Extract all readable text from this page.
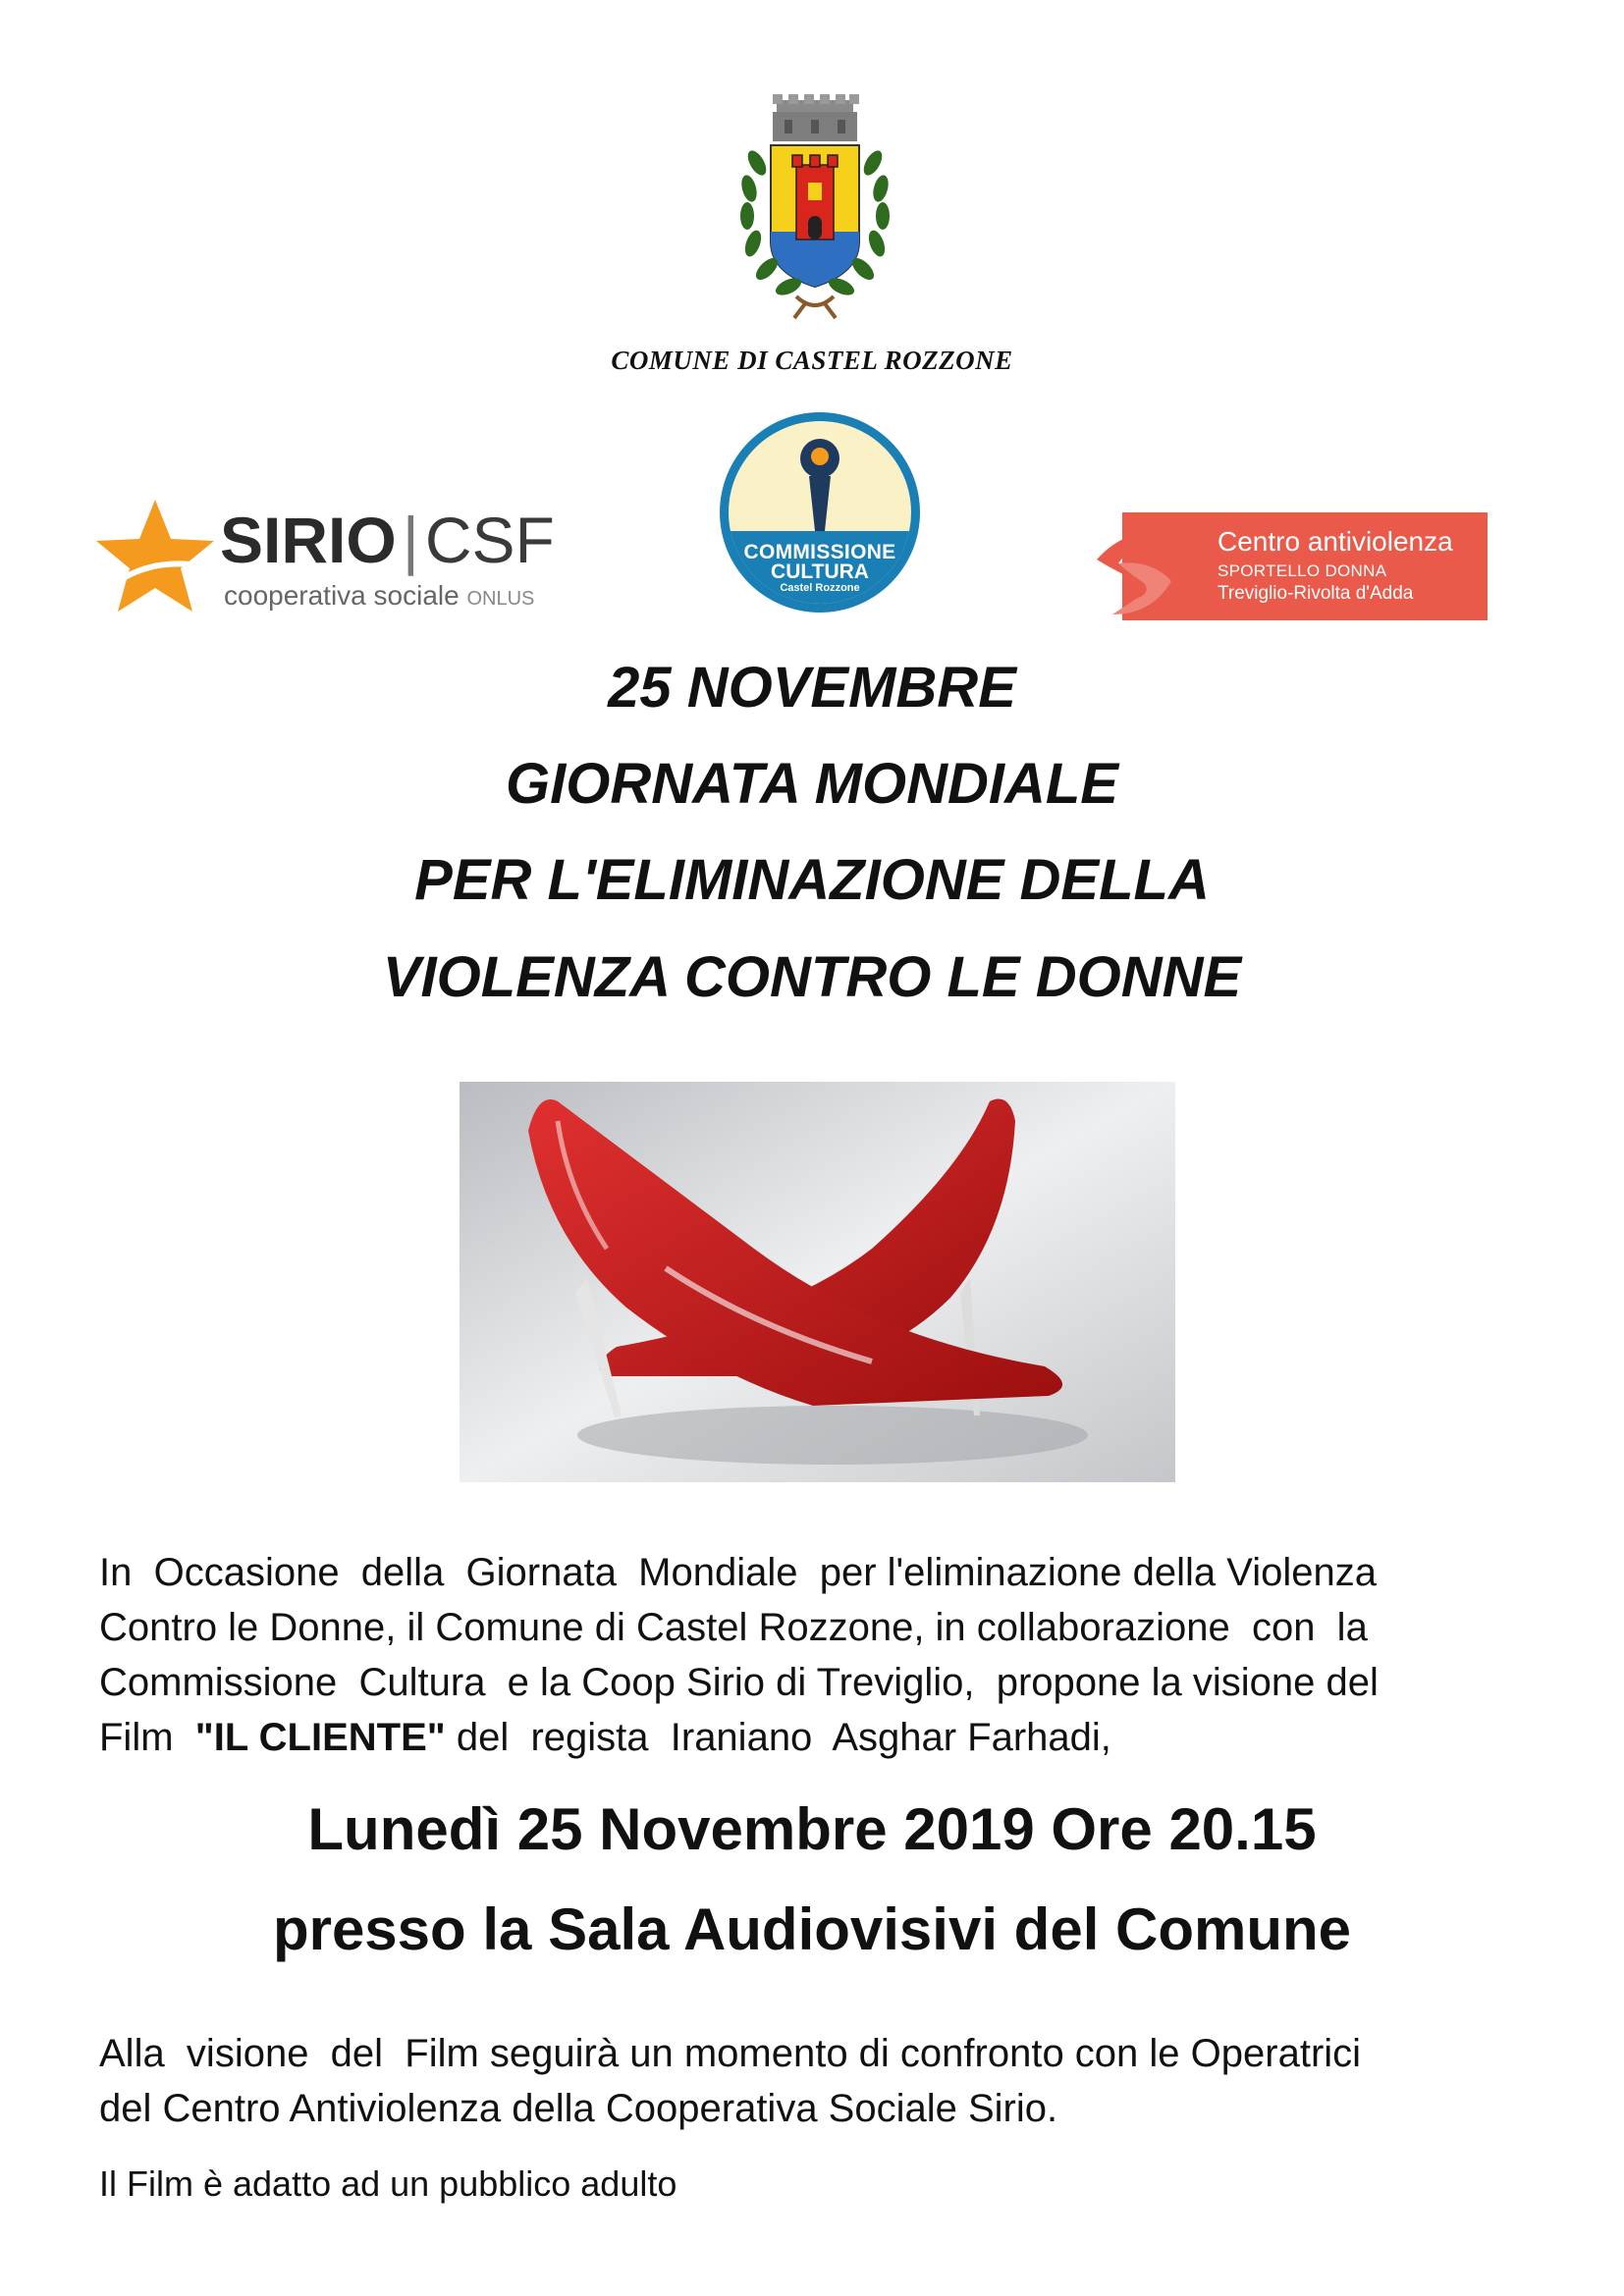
COMUNE DI CASTEL ROZZONE
SIRIO|CSF
cooperativa sociale ONLUS
COMMISSIONE
CULTURA
Castel Rozzone
Centro antiviolenza
SPORTELLO DONNA
Treviglio-Rivolta d'Adda
25 NOVEMBRE
GIORNATA MONDIALE
PER L'ELIMINAZIONE DELLA
VIOLENZA CONTRO LE DONNE
In  Occasione  della  Giornata  Mondiale  per l'eliminazione della Violenza
Contro le Donne, il Comune di Castel Rozzone, in collaborazione  con  la
Commissione  Cultura  e la Coop Sirio di Treviglio,  propone la visione del
Film  "IL CLIENTE" del  regista  Iraniano  Asghar Farhadi,
Lunedì 25 Novembre 2019 Ore 20.15
presso la Sala Audiovisivi del Comune
Alla  visione  del  Film seguirà un momento di confronto con le Operatrici
del Centro Antiviolenza della Cooperativa Sociale Sirio.
Il Film è adatto ad un pubblico adulto
